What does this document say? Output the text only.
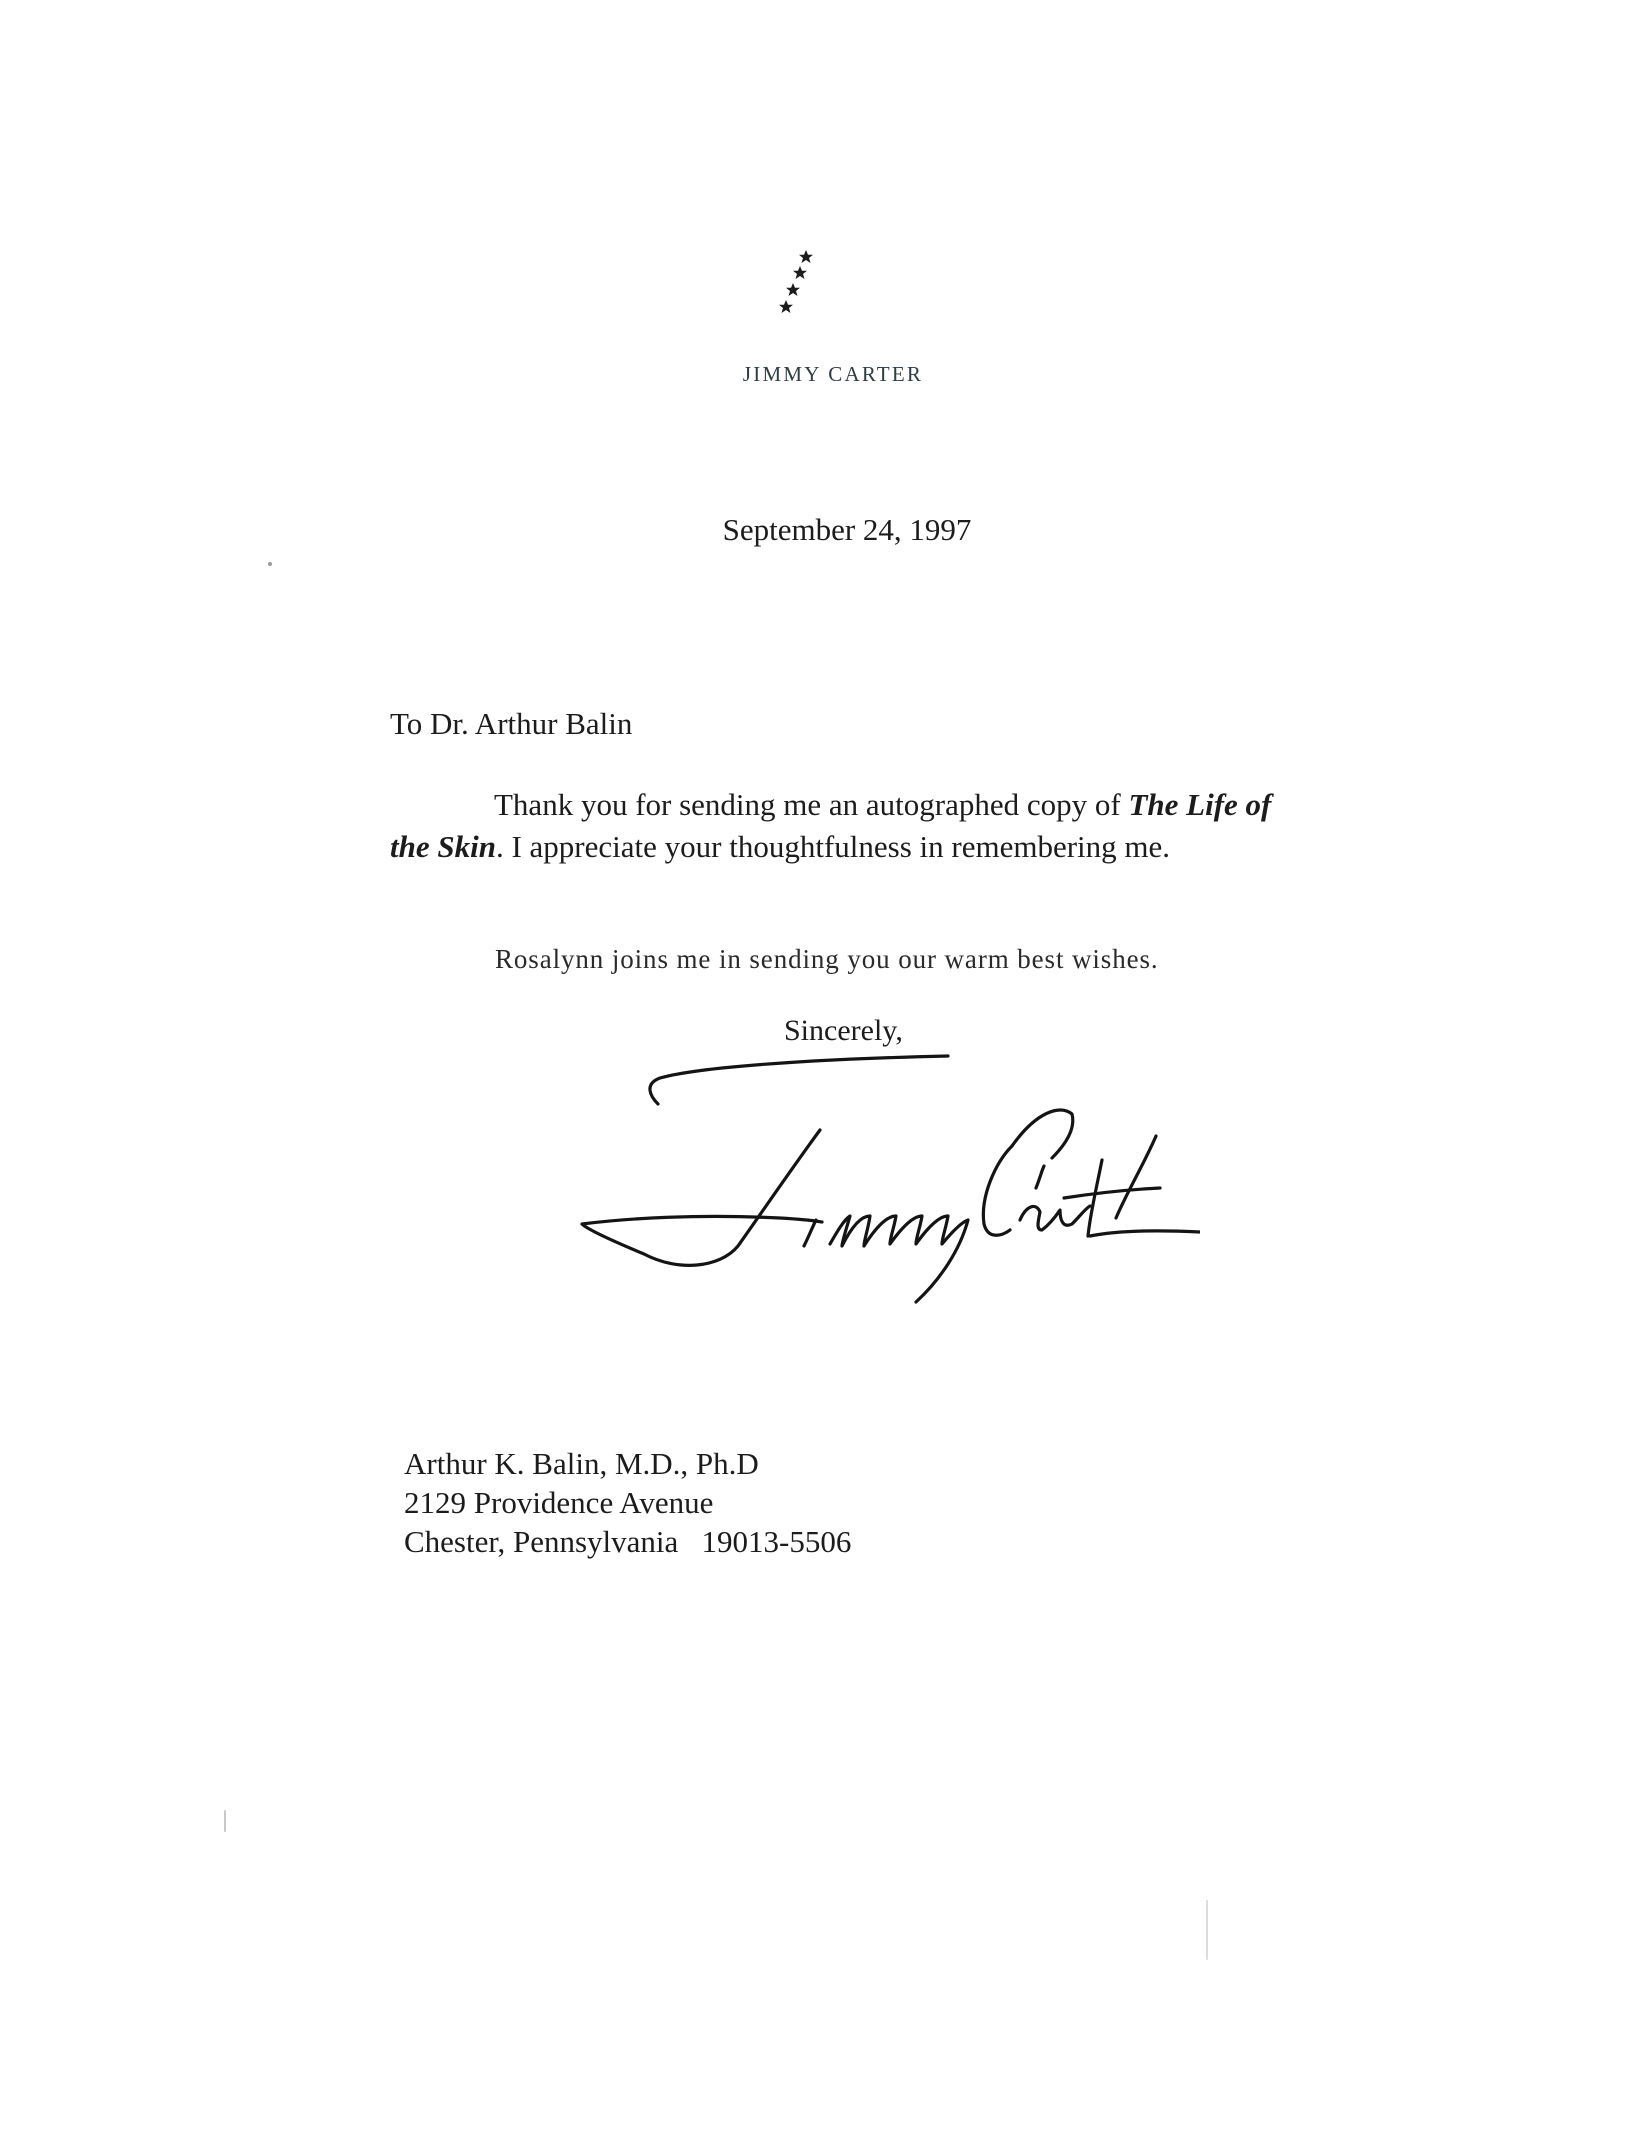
JIMMY CARTER
September 24, 1997
To Dr. Arthur Balin
Thank you for sending me an autographed copy of The Life of the Skin. I appreciate your thoughtfulness in remembering me.
Rosalynn joins me in sending you our warm best wishes.
Sincerely,
Arthur K. Balin, M.D., Ph.D
2129 Providence Avenue
Chester, Pennsylvania   19013-5506
